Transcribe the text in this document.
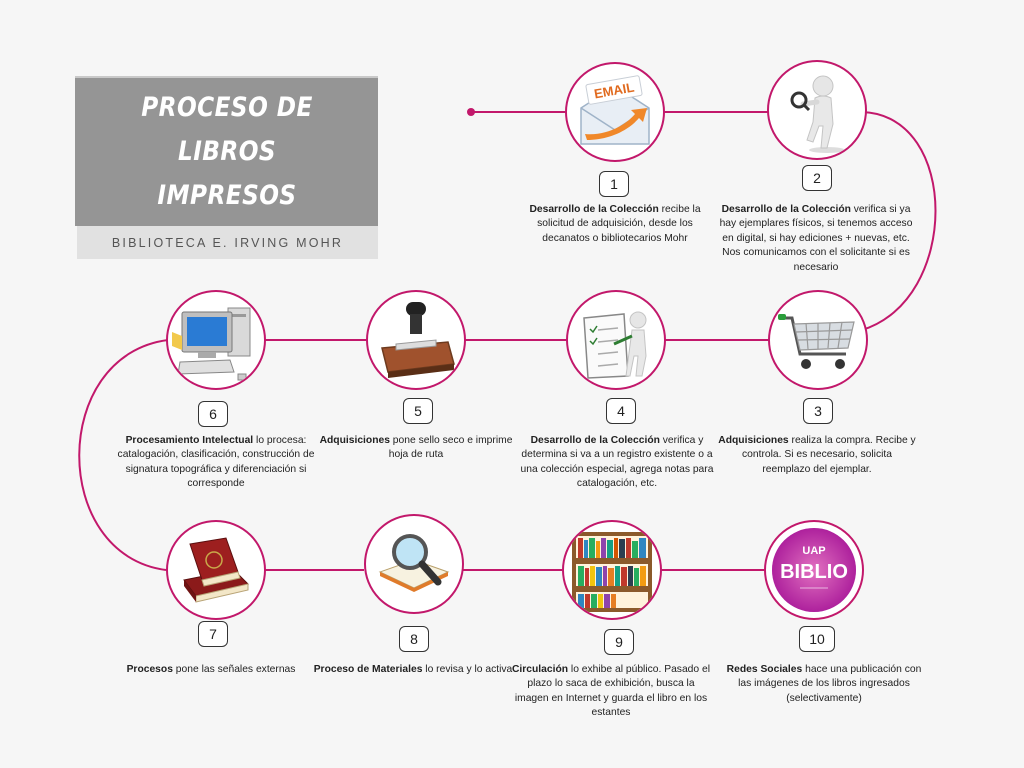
PROCESO DE LIBROS IMPRESOS
BIBLIOTECA E. IRVING MOHR
EMAIL
1
Desarrollo de la Colección recibe la solicitud de adquisición, desde los decanatos o bibliotecarios Mohr
2
Desarrollo de la Colección verifica si ya hay ejemplares físicos, si tenemos acceso en digital, si hay ediciones + nuevas, etc. Nos comunicamos con el solicitante si es necesario
3
Adquisiciones realiza la compra. Recibe y controla. Si es necesario, solicita reemplazo del ejemplar.
4
Desarrollo de la Colección verifica y determina si va a un registro existente o a una colección especial, agrega notas para catalogación, etc.
5
Adquisiciones pone sello seco e imprime hoja de ruta
6
Procesamiento Intelectual lo procesa: catalogación, clasificación, construcción de signatura topográfica y diferenciación si corresponde
7
Procesos pone las señales externas
8
Proceso de Materiales lo revisa y lo activa
9
Circulación lo exhibe al público. Pasado el plazo lo saca de exhibición, busca la imagen en Internet y guarda el libro en los estantes
UAP
BIBLIO
10
Redes Sociales hace una publicación con las imágenes de los libros ingresados (selectivamente)
